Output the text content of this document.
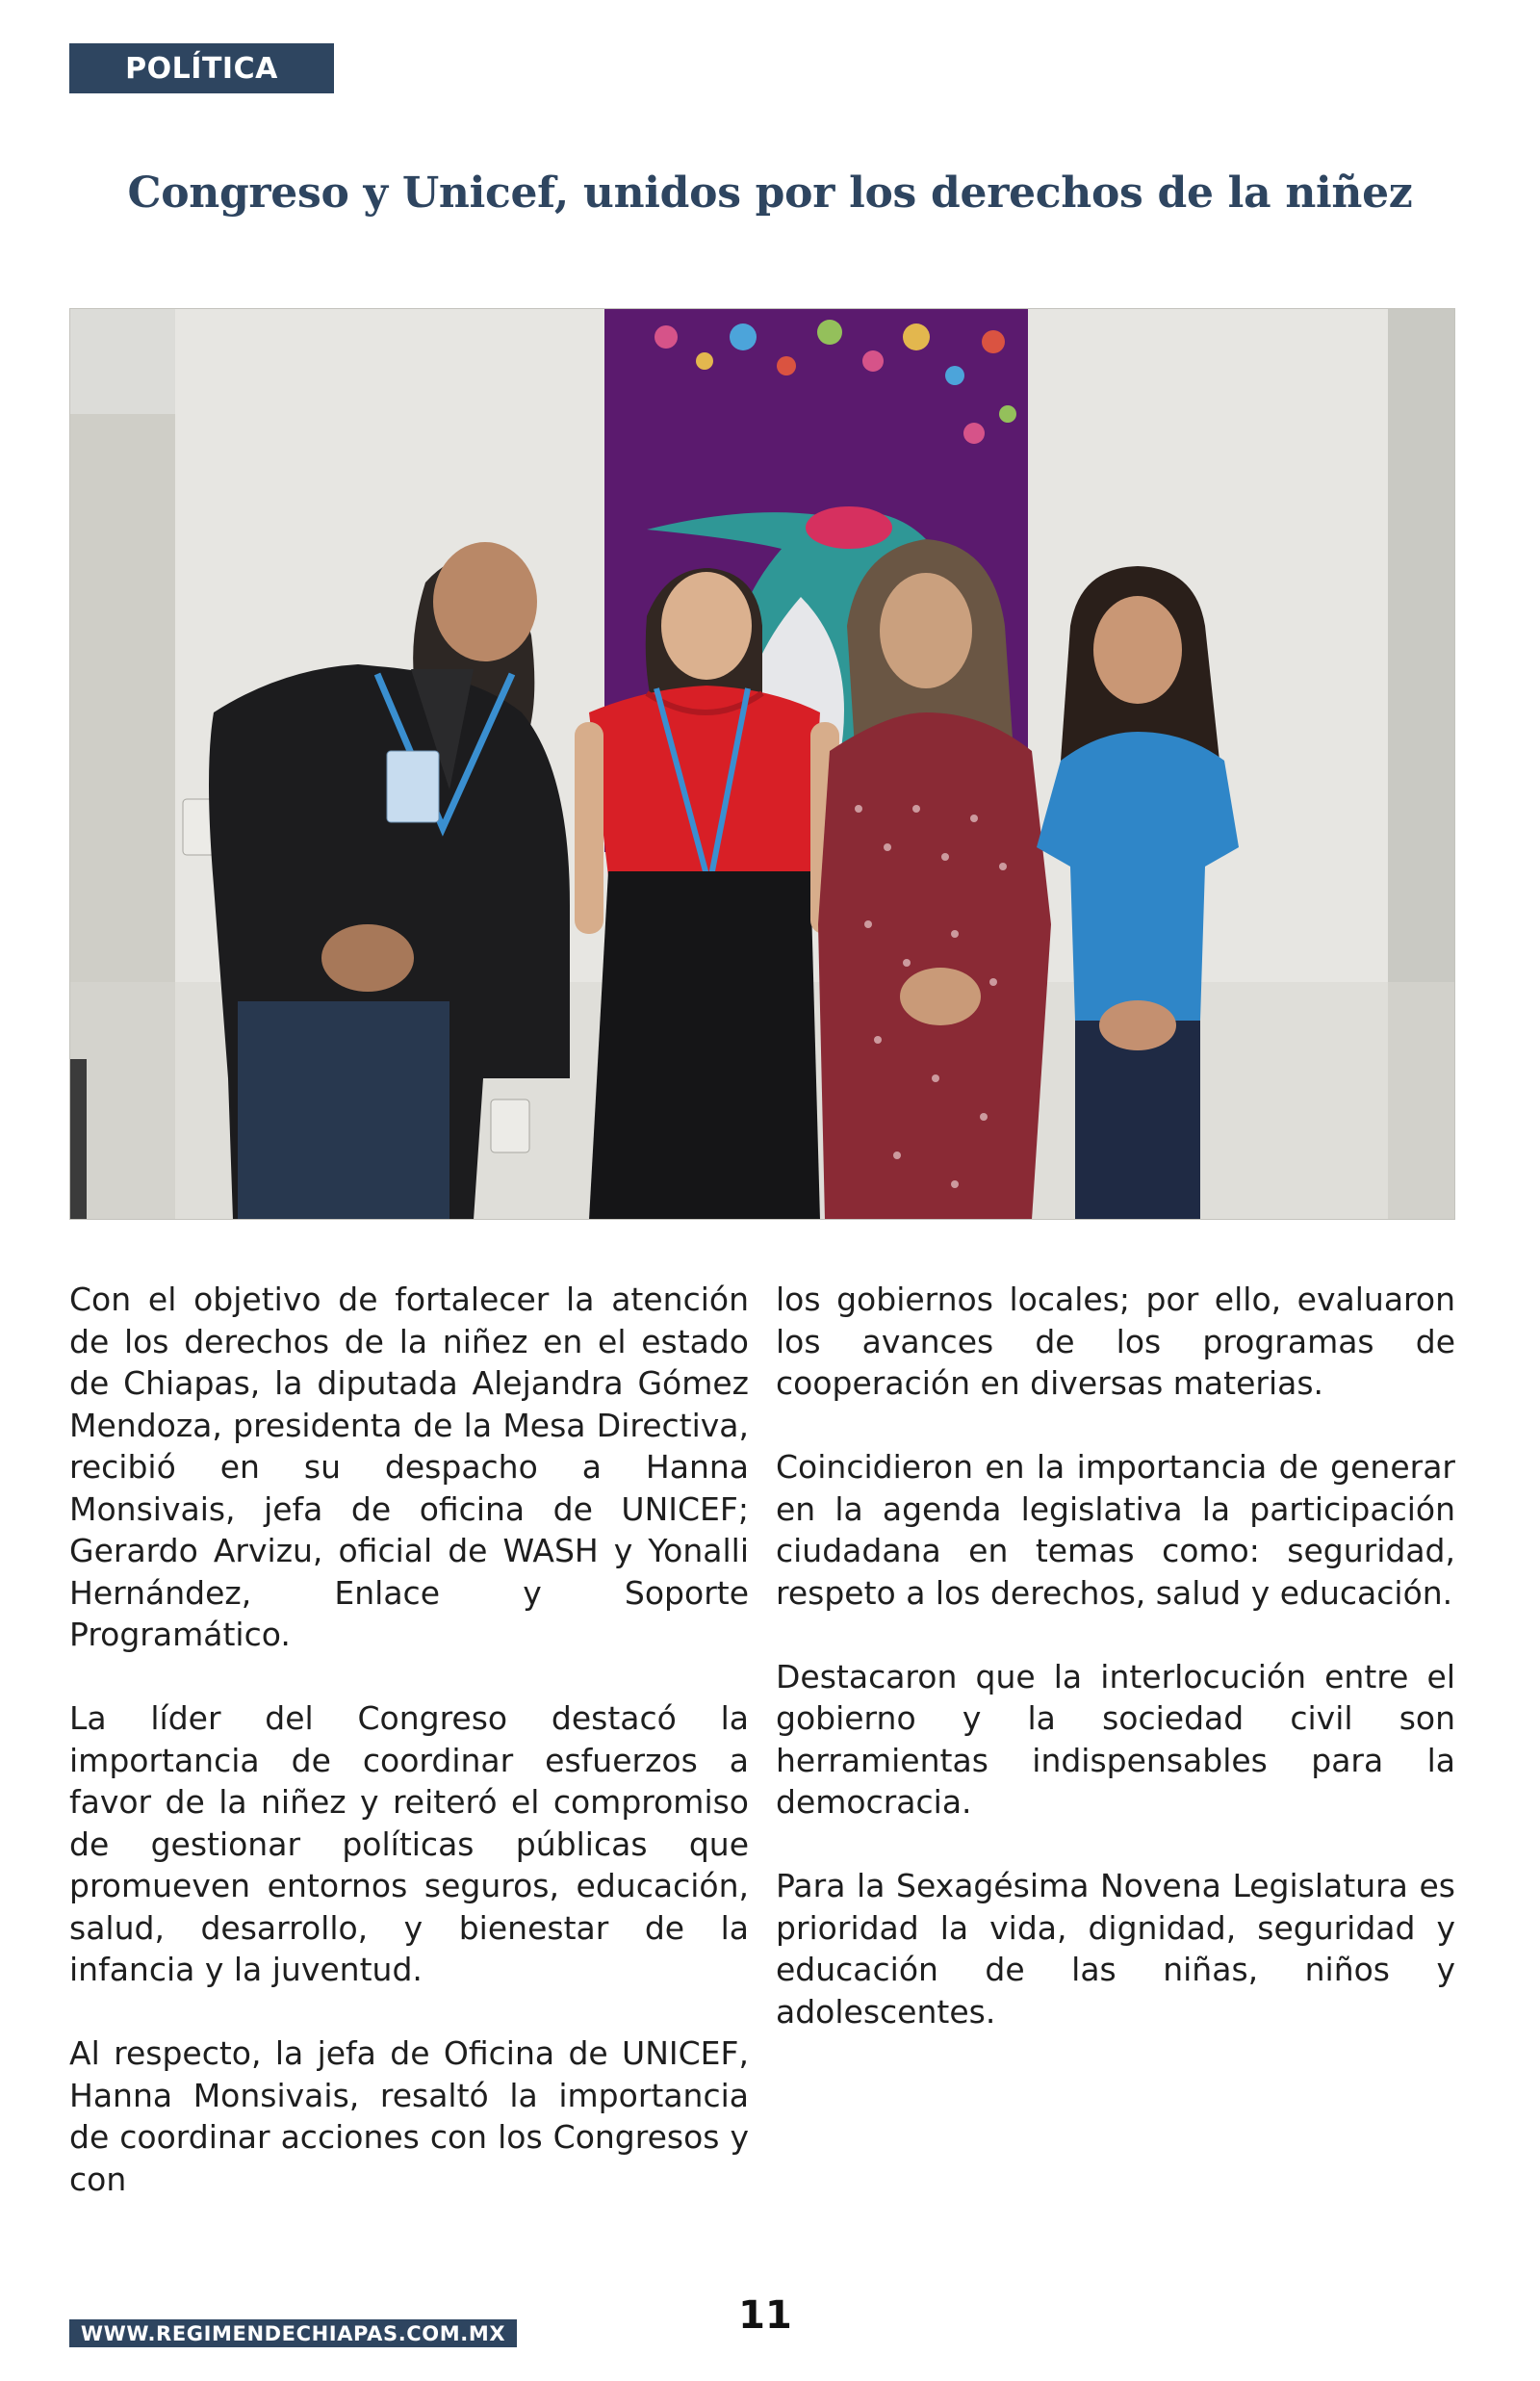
POLÍTICA
Congreso y Unicef, unidos por los derechos de la niñez

Con el objetivo de fortalecer la atención de los derechos de la niñez en el estado de Chiapas, la diputada Alejandra Gómez Mendoza, presidenta de la Mesa Directiva, recibió en su despacho a Hanna Monsivais, jefa de oficina de UNICEF; Gerardo Arvizu, oficial de WASH y Yonalli Hernández, Enlace y Soporte Programático.

La líder del Congreso destacó la importancia de coordinar esfuerzos a favor de la niñez y reiteró el compromiso de gestionar políticas públicas que promueven entornos seguros, educación, salud, desarrollo, y bienestar de la infancia y la juventud.

Al respecto, la jefa de Oficina de UNICEF, Hanna Monsivais, resaltó la importancia de coordinar acciones con los Congresos y con

los gobiernos locales; por ello, evaluaron los avances de los programas de cooperación en diversas materias.

Coincidieron en la importancia de generar en la agenda legislativa la participación ciudadana en temas como: seguridad, respeto a los derechos, salud y educación.

Destacaron que la interlocución entre el gobierno y la sociedad civil son herramientas indispensables para la democracia.

Para la Sexagésima Novena Legislatura es prioridad la vida, dignidad, seguridad y educación de las niñas, niños y adolescentes.

11
WWW.REGIMENDECHIAPAS.COM.MX
